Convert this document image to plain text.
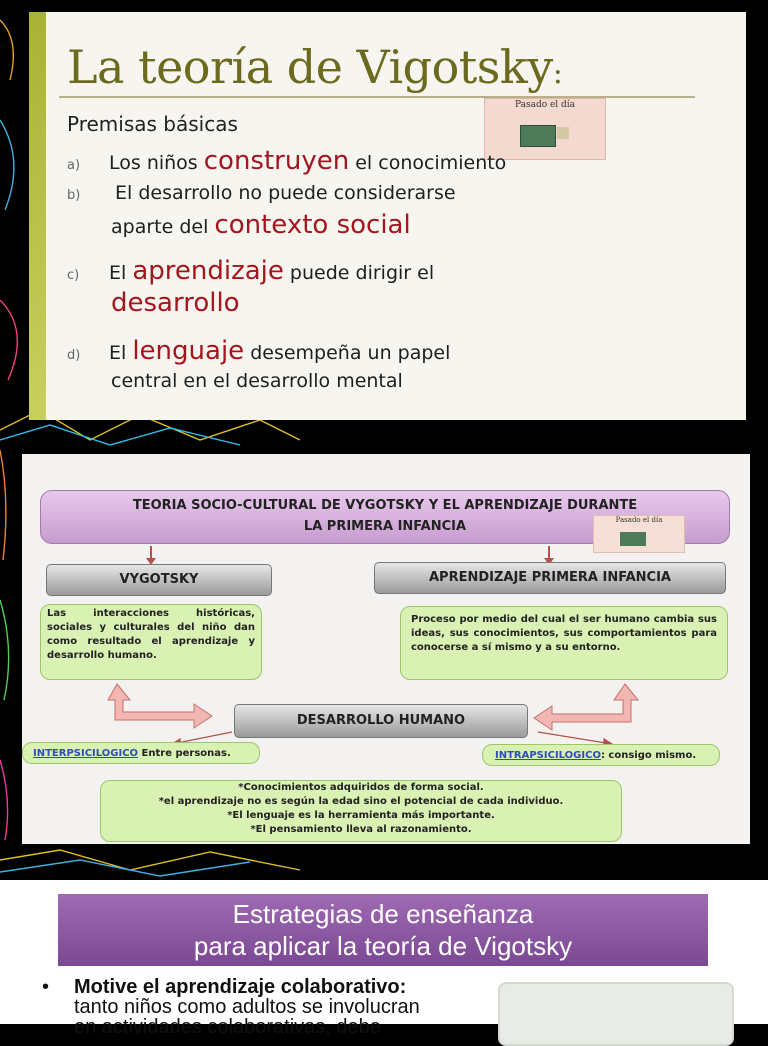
La teoría de Vigotsky:
Pasado el día
Premisas básicas
a) Los niños construyen el conocimiento
b) El desarrollo no puede considerarse
aparte del contexto social
c) El aprendizaje puede dirigir el
desarrollo
d) El lenguaje desempeña un papel
central en el desarrollo mental
TEORIA SOCIO-CULTURAL DE VYGOTSKY Y EL APRENDIZAJE DURANTE
LA PRIMERA INFANCIA	Pasado el día
VYGOTSKY	APRENDIZAJE PRIMERA INFANCIA
Las interacciones históricas, sociales y culturales del niño dan como resultado el aprendizaje y desarrollo humano.
Proceso por medio del cual el ser humano cambia sus ideas, sus conocimientos, sus comportamientos para conocerse a sí mismo y a su entorno.
DESARROLLO HUMANO
INTERPSICILOGICO Entre personas.	INTRAPSICILOGICO: consigo mismo.
*Conocimientos adquiridos de forma social.
*el aprendizaje no es según la edad sino el potencial de cada individuo.
*El lenguaje es la herramienta más importante.
*El pensamiento lleva al razonamiento.
Estrategias de enseñanza
para aplicar la teoría de Vigotsky
• Motive el aprendizaje colaborativo:
tanto niños como adultos se involucran
en actividades colaborativas, debe
